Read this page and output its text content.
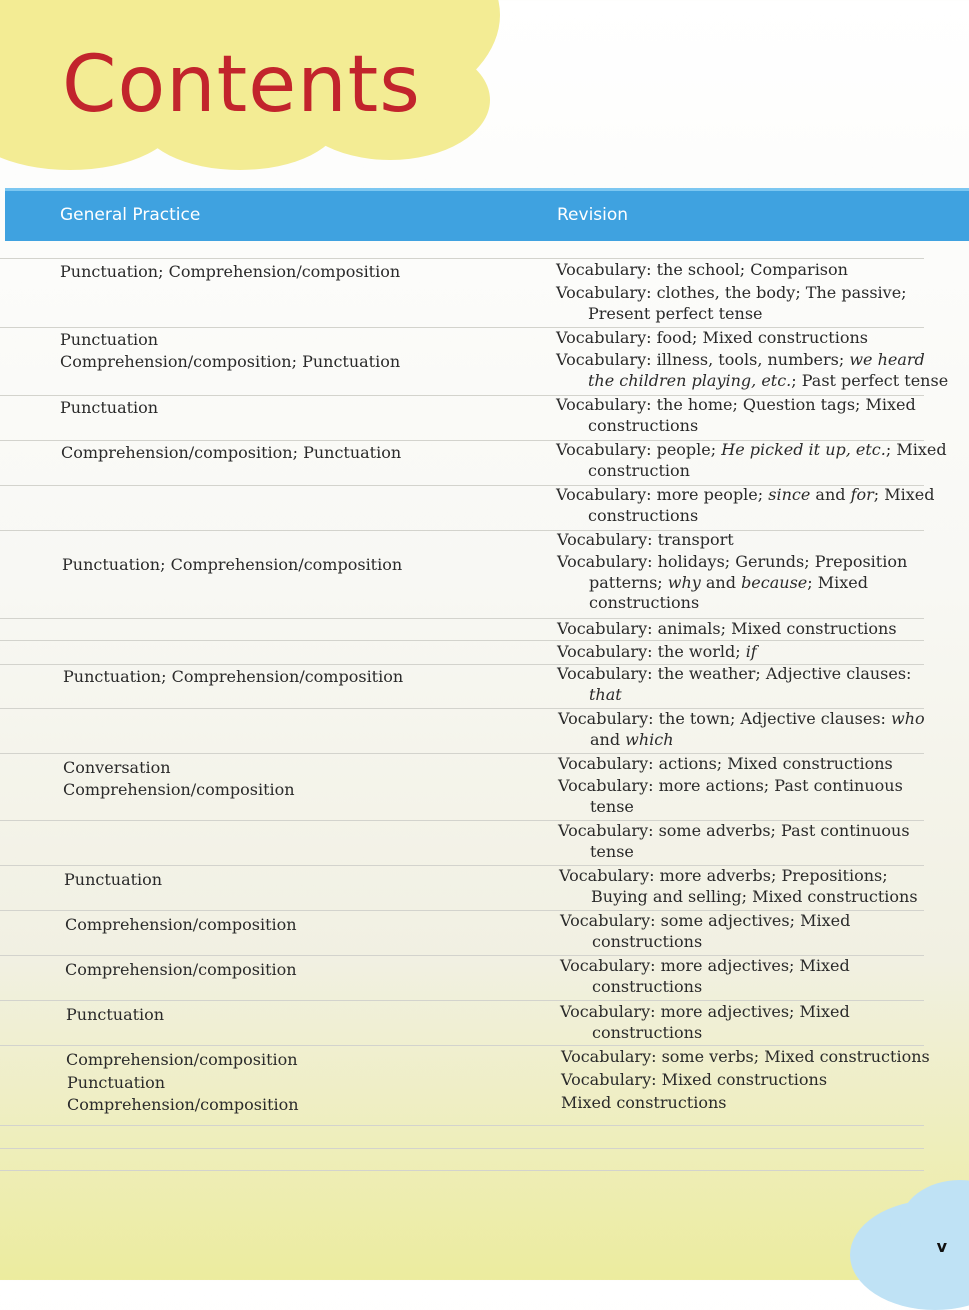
Contents
General Practice	Revision
Punctuation; Comprehension/composition
Punctuation
Comprehension/composition; Punctuation
Punctuation
Comprehension/composition; Punctuation
Punctuation; Comprehension/composition
Punctuation; Comprehension/composition
Conversation
Comprehension/composition
Punctuation
Comprehension/composition
Comprehension/composition
Punctuation
Comprehension/composition
Punctuation
Comprehension/composition
Vocabulary: the school; Comparison
Vocabulary: clothes, the body; The passive;
Present perfect tense
Vocabulary: food; Mixed constructions
Vocabulary: illness, tools, numbers; we heard
the children playing, etc.; Past perfect tense
Vocabulary: the home; Question tags; Mixed
constructions
Vocabulary: people; He picked it up, etc.; Mixed
construction
Vocabulary: more people; since and for; Mixed
constructions
Vocabulary: transport
Vocabulary: holidays; Gerunds; Preposition
patterns; why and because; Mixed
constructions
Vocabulary: animals; Mixed constructions
Vocabulary: the world; if
Vocabulary: the weather; Adjective clauses:
that
Vocabulary: the town; Adjective clauses: who
and which
Vocabulary: actions; Mixed constructions
Vocabulary: more actions; Past continuous
tense
Vocabulary: some adverbs; Past continuous
tense
Vocabulary: more adverbs; Prepositions;
Buying and selling; Mixed constructions
Vocabulary: some adjectives; Mixed
constructions
Vocabulary: more adjectives; Mixed
constructions
Vocabulary: more adjectives; Mixed
constructions
Vocabulary: some verbs; Mixed constructions
Vocabulary: Mixed constructions
Mixed constructions
v
